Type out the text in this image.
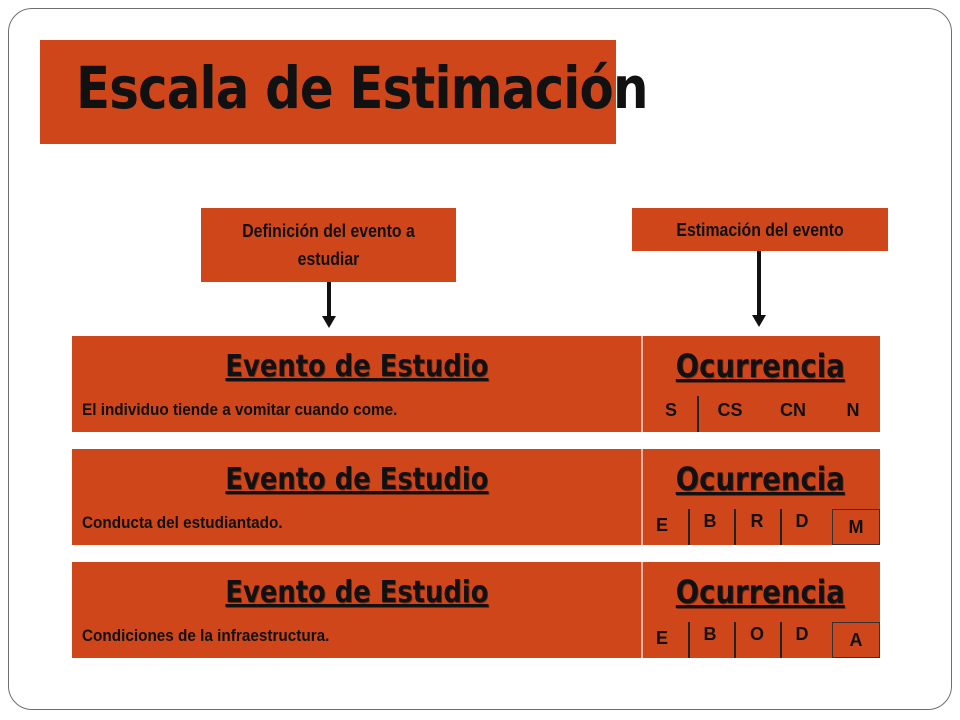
Escala de Estimación
Definición del evento a estudiar
Estimación del evento
Evento de Estudio	Ocurrencia
El individuo tiende a vomitar cuando come.	S	CS	CN	N
Evento de Estudio	Ocurrencia
Conducta del estudiantado.	E B R D	M
Evento de Estudio	Ocurrencia
Condiciones de la infraestructura.	E B O D	A
